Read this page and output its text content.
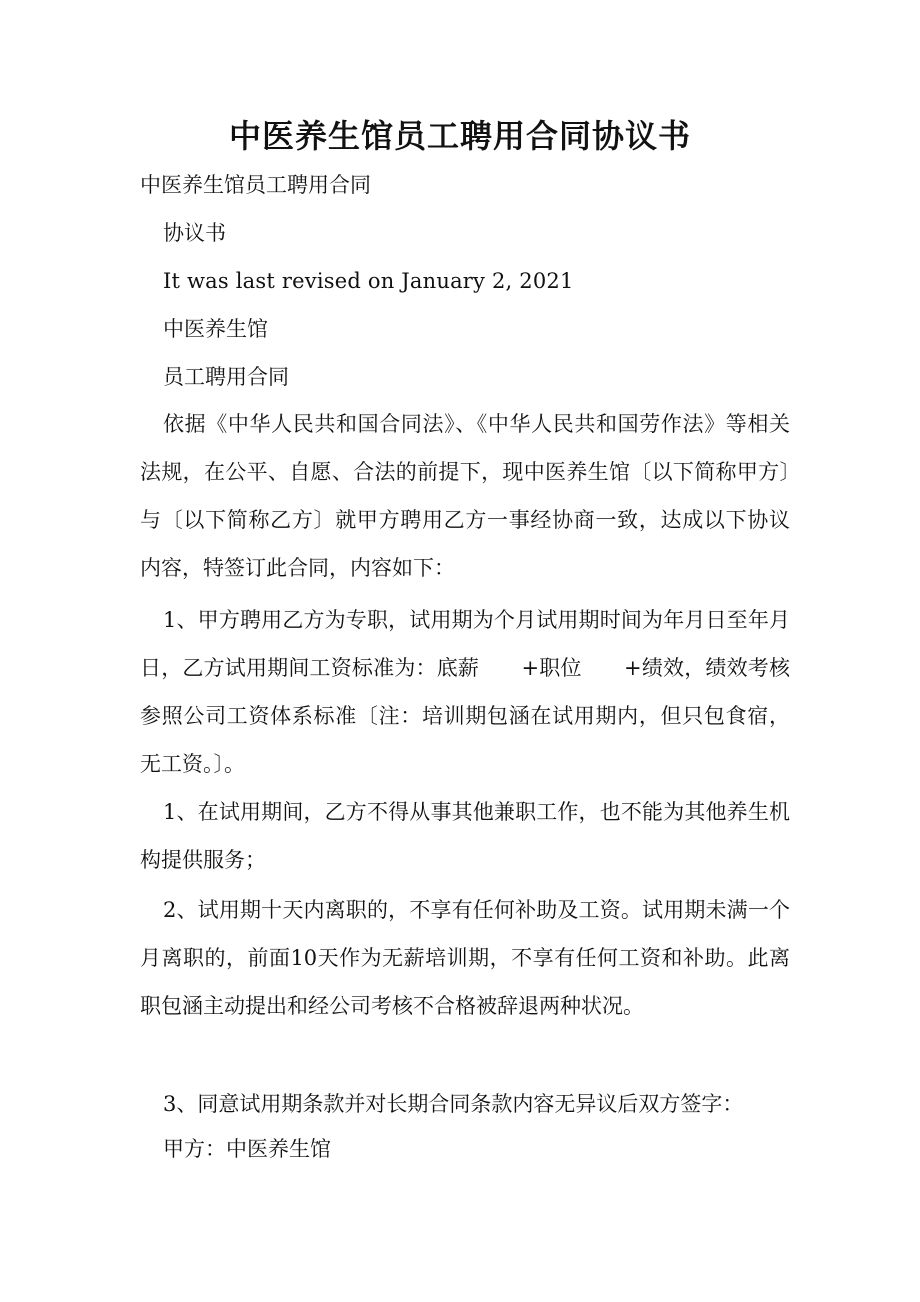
中医养生馆员工聘用合同协议书
中医养生馆员工聘用合同
协议书
It was last revised on January 2, 2021
中医养生馆
员工聘用合同
依据《中华人民共和国合同法》、《中华人民共和国劳作法》等相关法规，在公平、自愿、合法的前提下，现中医养生馆〔以下简称甲方〕与〔以下简称乙方〕就甲方聘用乙方一事经协商一致，达成以下协议内容，特签订此合同，内容如下：
1、甲方聘用乙方为专职，试用期为个月试用期时间为年月日至年月日，乙方试用期间工资标准为：底薪　　+职位　　+绩效，绩效考核参照公司工资体系标准〔注：培训期包涵在试用期内，但只包食宿，无工资。〕。
1、在试用期间，乙方不得从事其他兼职工作，也不能为其他养生机构提供服务；
2、试用期十天内离职的，不享有任何补助及工资。试用期未满一个月离职的，前面10天作为无薪培训期，不享有任何工资和补助。此离职包涵主动提出和经公司考核不合格被辞退两种状况。
3、同意试用期条款并对长期合同条款内容无异议后双方签字：
甲方：中医养生馆
